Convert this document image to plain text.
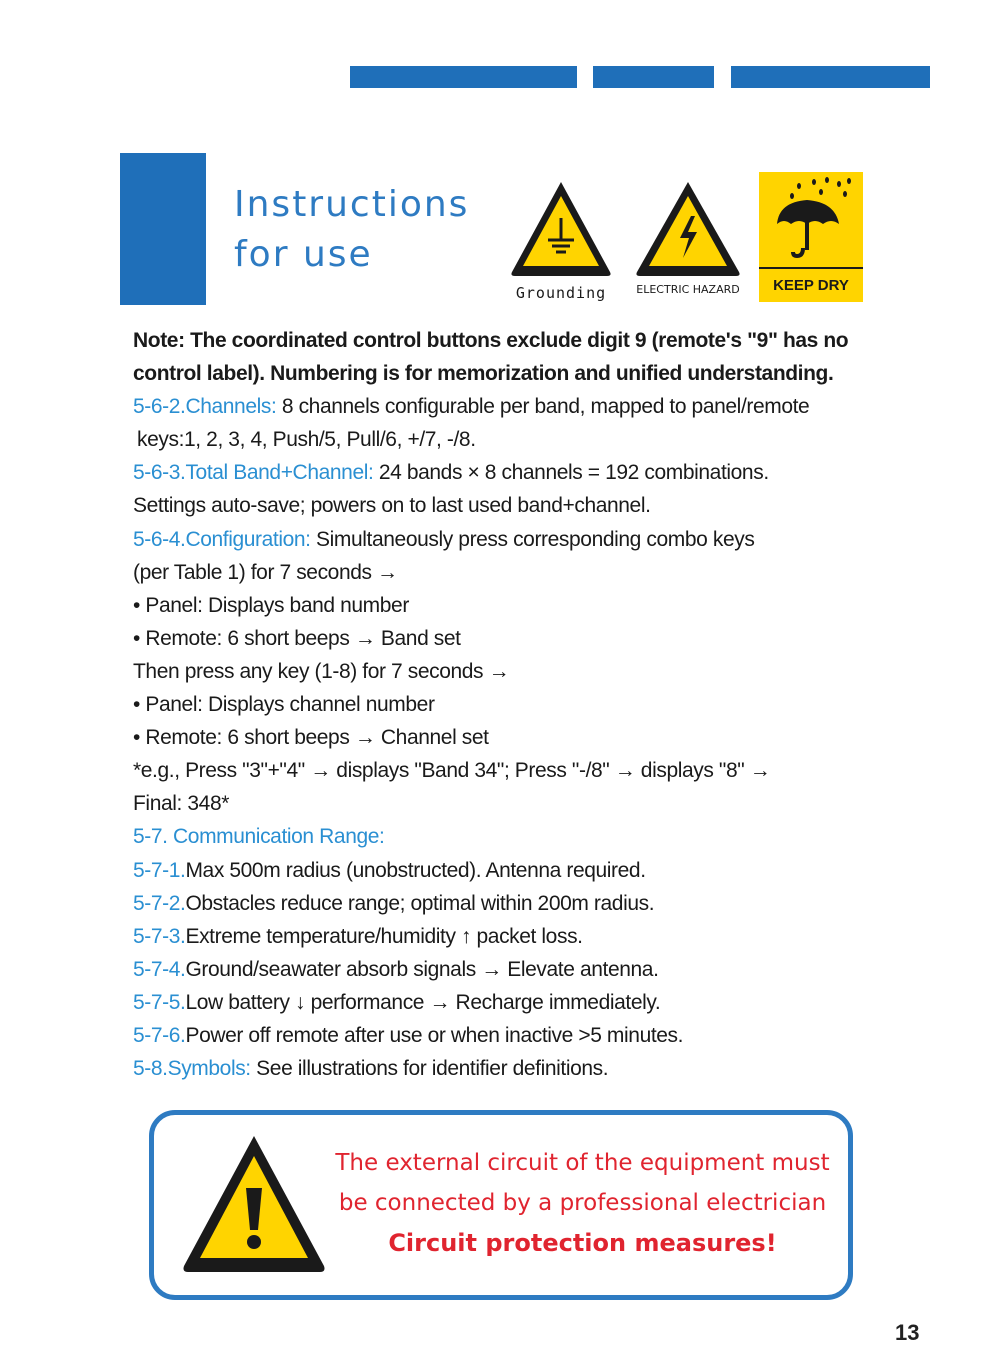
Instructions
for use
Grounding	ELECTRIC HAZARD	KEEP DRY
Note: The coordinated control buttons exclude digit 9 (remote's "9" has no
control label). Numbering is for memorization and unified understanding.
5-6-2.Channels: 8 channels configurable per band, mapped to panel/remote
keys:1, 2, 3, 4, Push/5, Pull/6, +/7, -/8.
5-6-3.Total Band+Channel: 24 bands × 8 channels = 192 combinations.
Settings auto-save; powers on to last used band+channel.
5-6-4.Configuration: Simultaneously press corresponding combo keys
(per Table 1) for 7 seconds →
• Panel: Displays band number
• Remote: 6 short beeps → Band set
Then press any key (1-8) for 7 seconds →
• Panel: Displays channel number
• Remote: 6 short beeps → Channel set
*e.g., Press "3"+"4" → displays "Band 34"; Press "-/8" → displays "8" →
Final: 348*
5-7. Communication Range:
5-7-1.Max 500m radius (unobstructed). Antenna required.
5-7-2.Obstacles reduce range; optimal within 200m radius.
5-7-3.Extreme temperature/humidity ↑ packet loss.
5-7-4.Ground/seawater absorb signals → Elevate antenna.
5-7-5.Low battery ↓ performance → Recharge immediately.
5-7-6.Power off remote after use or when inactive >5 minutes.
5-8.Symbols: See illustrations for identifier definitions.
The external circuit of the equipment must
be connected by a professional electrician
Circuit protection measures!
13
